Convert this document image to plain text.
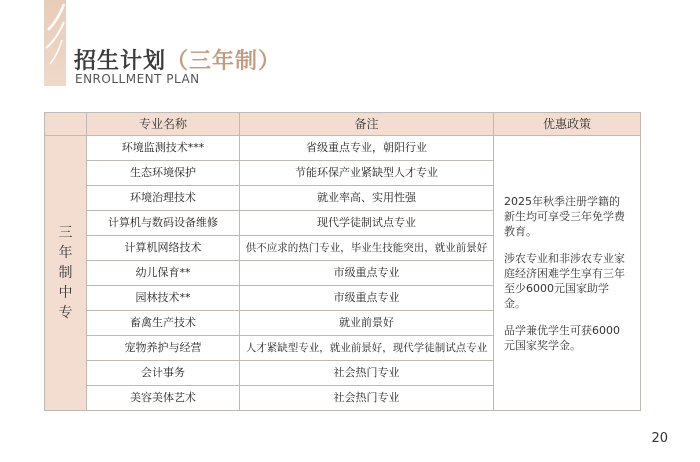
招生计划（三年制）
ENROLLMENT PLAN
	专业名称	备注	优惠政策
三年制中专	环境监测技术***	省级重点专业，朝阳行业	2025年秋季注册学籍的新生均可享受三年免学费教育。

涉农专业和非涉农专业家庭经济困难学生享有三年至少6000元国家助学金。

品学兼优学生可获6000元国家奖学金。

	生态环境保护	节能环保产业紧缺型人才专业	
	环境治理技术	就业率高、实用性强	
	计算机与数码设备维修	现代学徒制试点专业	
	计算机网络技术	供不应求的热门专业，毕业生技能突出，就业前景好	
	幼儿保育**	市级重点专业	
	园林技术**	市级重点专业	
	畜禽生产技术	就业前景好	
	宠物养护与经营	人才紧缺型专业，就业前景好，现代学徒制试点专业	
	会计事务	社会热门专业	
	美容美体艺术	社会热门专业	
20
